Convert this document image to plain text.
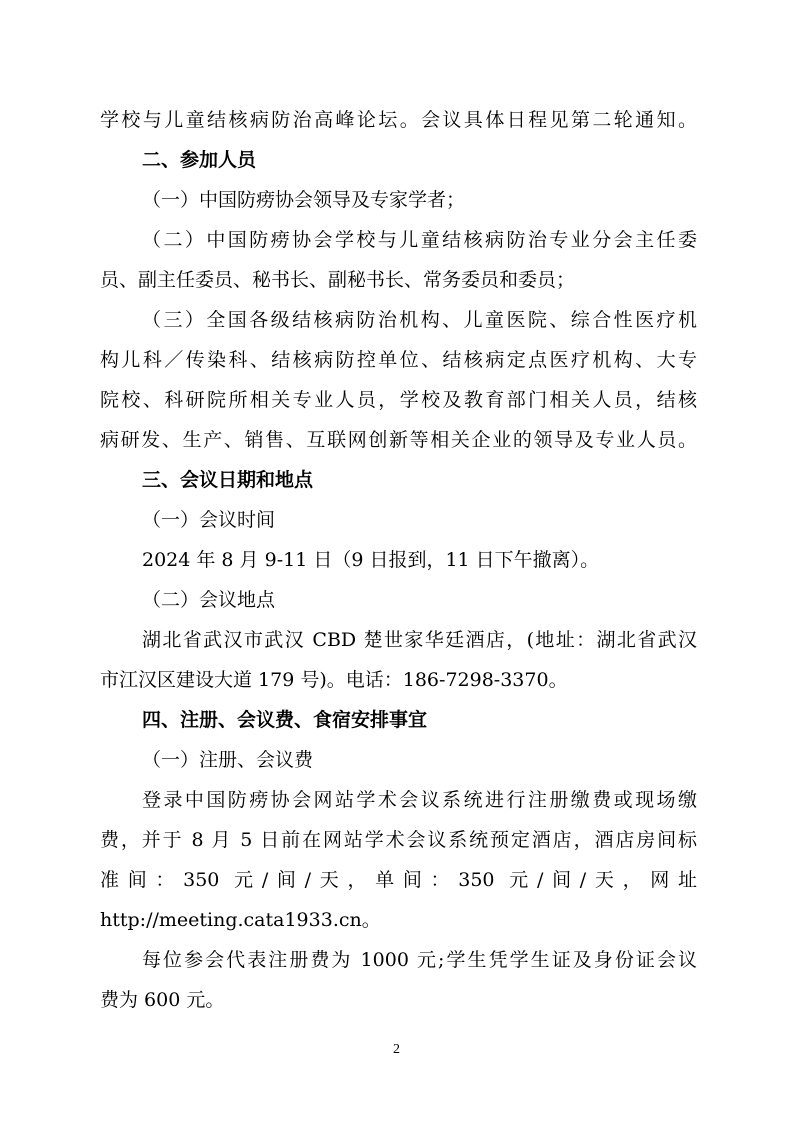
学校与儿童结核病防治高峰论坛。会议具体日程见第二轮通知。
二、参加人员
（一）中国防痨协会领导及专家学者；
（二）中国防痨协会学校与儿童结核病防治专业分会主任委
员、副主任委员、秘书长、副秘书长、常务委员和委员；
（三）全国各级结核病防治机构、儿童医院、综合性医疗机
构儿科／传染科、结核病防控单位、结核病定点医疗机构、大专
院校、科研院所相关专业人员，学校及教育部门相关人员，结核
病研发、生产、销售、互联网创新等相关企业的领导及专业人员。
三、会议日期和地点
（一）会议时间
2024 年 8 月 9-11 日（9 日报到，11 日下午撤离）。
（二）会议地点
湖北省武汉市武汉 CBD 楚世家华廷酒店，(地址：湖北省武汉
市江汉区建设大道 179 号)。电话：186-7298-3370。
四、注册、会议费、食宿安排事宜
（一）注册、会议费
登录中国防痨协会网站学术会议系统进行注册缴费或现场缴
费，并于 8 月 5 日前在网站学术会议系统预定酒店，酒店房间标
准间：350 元/间/天，单间：350 元/间/天，网址
http://meeting.cata1933.cn。
每位参会代表注册费为 1000 元;学生凭学生证及身份证会议
费为 600 元。
2
